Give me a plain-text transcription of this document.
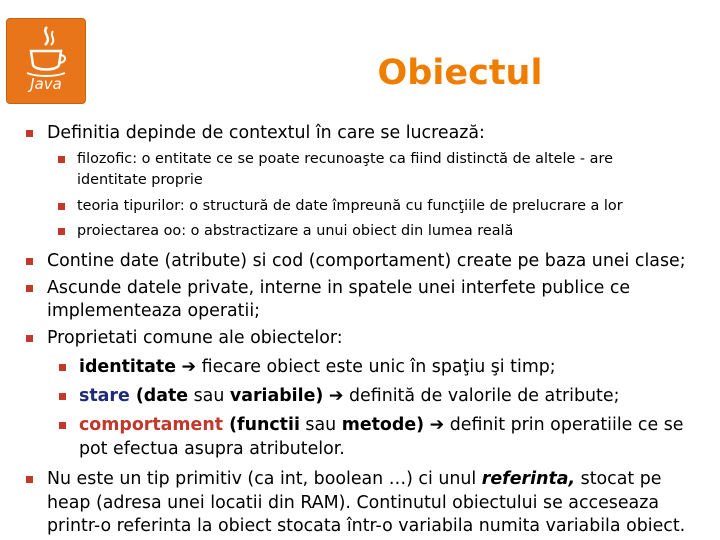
Java	Obiectul
Definitia depinde de contextul în care se lucrează:
filozofic: o entitate ce se poate recunoaşte ca fiind distinctă de altele - are
identitate proprie
teoria tipurilor: o structură de date împreună cu funcţiile de prelucrare a lor
proiectarea oo: o abstractizare a unui obiect din lumea reală
Contine date (atribute) si cod (comportament) create pe baza unei clase;
Ascunde datele private, interne in spatele unei interfete publice ce
implementeaza operatii;
Proprietati comune ale obiectelor:
identitate ➔ fiecare obiect este unic în spaţiu şi timp;
stare (date sau variabile) ➔ definită de valorile de atribute;
comportament (functii sau metode) ➔ definit prin operatiile ce se
pot efectua asupra atributelor.
Nu este un tip primitiv (ca int, boolean …) ci unul referinta, stocat pe
heap (adresa unei locatii din RAM). Continutul obiectului se acceseaza
printr-o referinta la obiect stocata într-o variabila numita variabila obiect.
